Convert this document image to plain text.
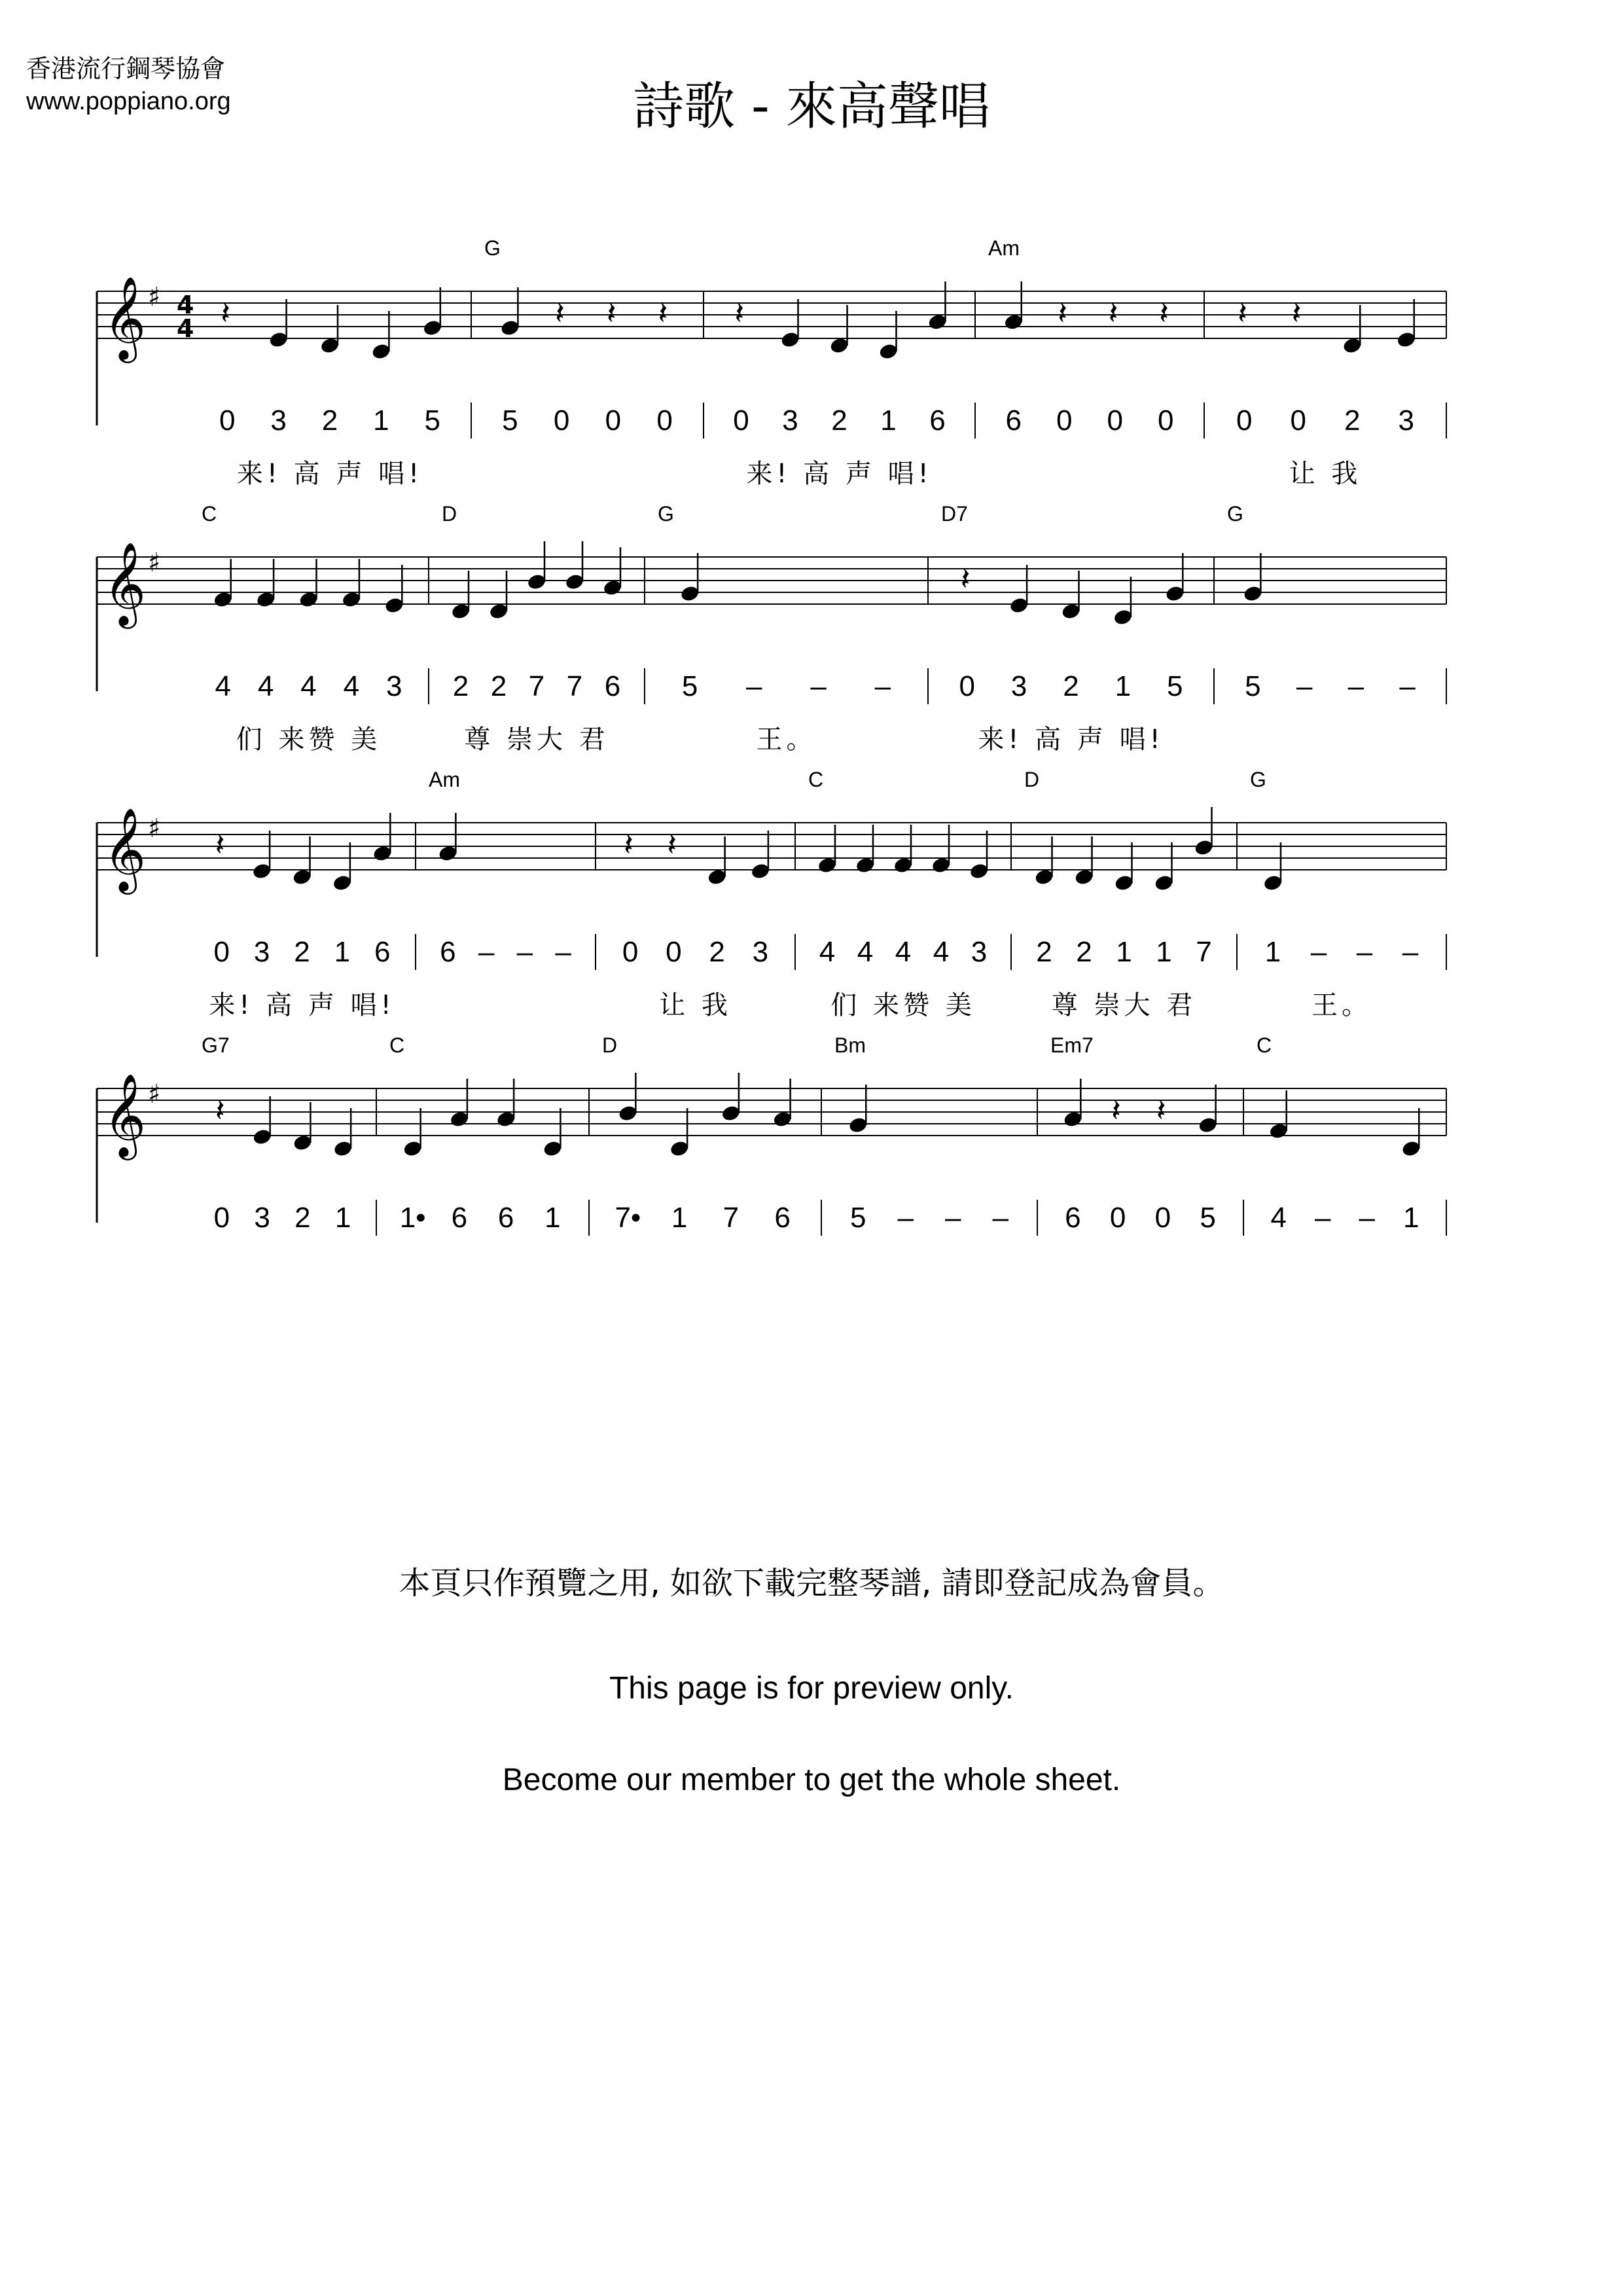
香港流行鋼琴協會
www.poppiano.org	詩歌 - 來高聲唱
𝄞 ♯ 4
4 𝄽
0 3 2 1 5
来! 高 声 唱!
G
5
𝄽
0
𝄽
0
𝄽
0
𝄽
0 3 2 1 6
来! 高 声 唱!
Am
6
𝄽
0
𝄽
0
𝄽
0
𝄽
0
𝄽
0 2 3
让 我
𝄞 ♯
C
4 4 4 4 3
们 来赞 美
D
2 2 7 7 6
尊 崇大 君
G
5 – – –
王。
D7
𝄽
0 3 2 1 5
来! 高 声 唱!
G
5 – – –
𝄞 ♯ 𝄽
0 3 2 1 6
来! 高 声 唱!
Am
6 – – –
𝄽
0
𝄽
0 2 3
让 我
C
4 4 4 4 3
们 来赞 美
D
2 2 1 1 7
尊 崇大 君
G
1 – – –
王。
𝄞 ♯
G7
𝄽
0 3 2 1
C
1• 6 6 1
D
7• 1 7 6
Bm
5 – – –
Em7
6
𝄽
0
𝄽
0 5
C
4 – – 1
本頁只作預覽之用, 如欲下載完整琴譜, 請即登記成為會員。
This page is for preview only.
Become our member to get the whole sheet.
